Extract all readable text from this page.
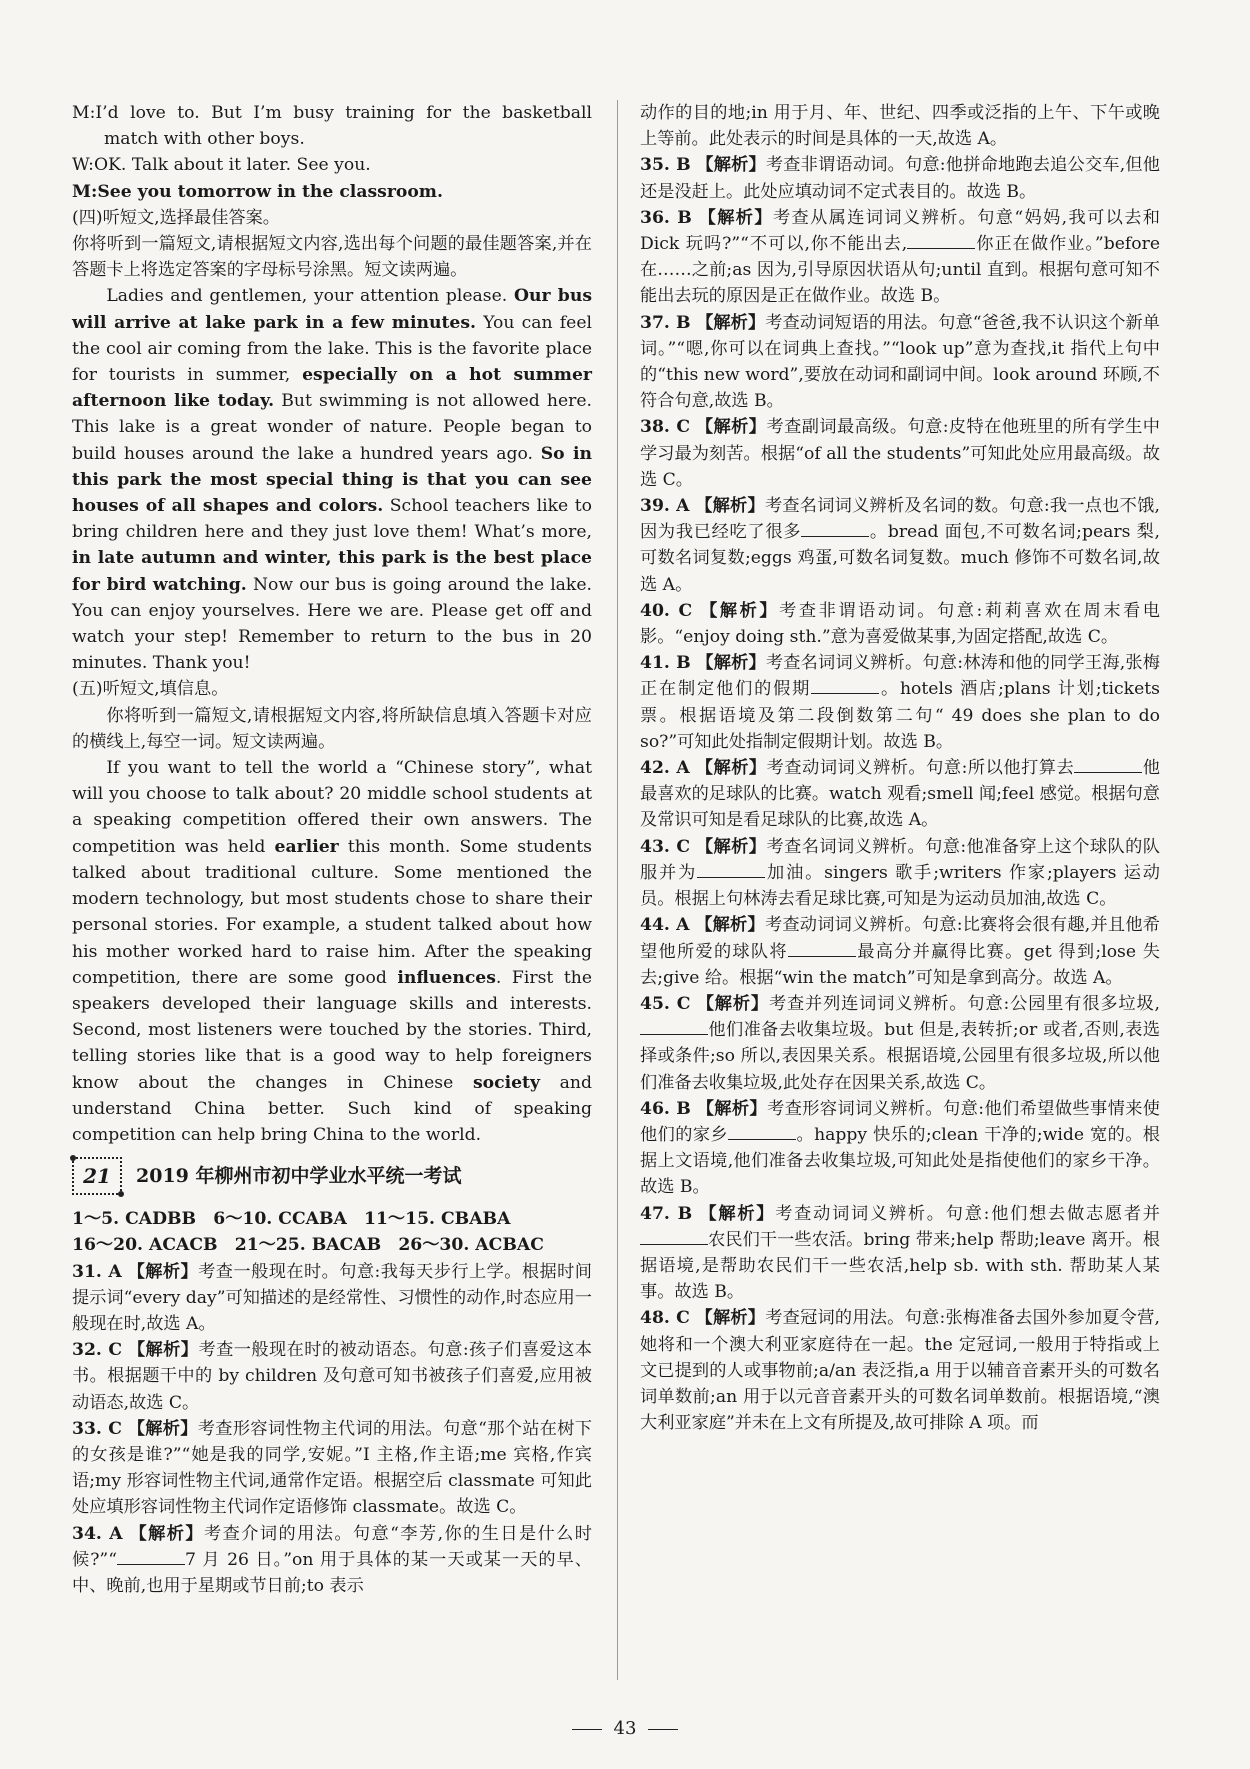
M:I’d love to. But I’m busy training for the basketball match with other boys.

W:OK. Talk about it later. See you.

M:See you tomorrow in the classroom.

(四)听短文,选择最佳答案。

你将听到一篇短文,请根据短文内容,选出每个问题的最佳题答案,并在答题卡上将选定答案的字母标号涂黑。短文读两遍。

Ladies and gentlemen, your attention please. Our bus will arrive at lake park in a few minutes. You can feel the cool air coming from the lake. This is the favorite place for tourists in summer, especially on a hot summer afternoon like today. But swimming is not allowed here. This lake is a great wonder of nature. People began to build houses around the lake a hundred years ago. So in this park the most special thing is that you can see houses of all shapes and colors. School teachers like to bring children here and they just love them! What’s more, in late autumn and winter, this park is the best place for bird watching. Now our bus is going around the lake. You can enjoy yourselves. Here we are. Please get off and watch your step! Remember to return to the bus in 20 minutes. Thank you!

(五)听短文,填信息。

你将听到一篇短文,请根据短文内容,将所缺信息填入答题卡对应的横线上,每空一词。短文读两遍。

If you want to tell the world a “Chinese story”, what will you choose to talk about? 20 middle school students at a speaking competition offered their own answers. The competition was held earlier this month. Some students talked about traditional culture. Some mentioned the modern technology, but most students chose to share their personal stories. For example, a student talked about how his mother worked hard to raise him. After the speaking competition, there are some good influences. First the speakers developed their language skills and interests. Second, most listeners were touched by the stories. Third, telling stories like that is a good way to help foreigners know about the changes in Chinese society and understand China better. Such kind of speaking competition can help bring China to the world.

21	2019 年柳州市初中学业水平统一考试

1～5. CADBB　6～10. CCABA　11～15. CBABA

16～20. ACACB　21～25. BACAB　26～30. ACBAC

31. A 【解析】考查一般现在时。句意:我每天步行上学。根据时间提示词“every day”可知描述的是经常性、习惯性的动作,时态应用一般现在时,故选 A。

32. C 【解析】考查一般现在时的被动语态。句意:孩子们喜爱这本书。根据题干中的 by children 及句意可知书被孩子们喜爱,应用被动语态,故选 C。

33. C 【解析】考查形容词性物主代词的用法。句意“那个站在树下的女孩是谁?”“她是我的同学,安妮。”I 主格,作主语;me 宾格,作宾语;my 形容词性物主代词,通常作定语。根据空后 classmate 可知此处应填形容词性物主代词作定语修饰 classmate。故选 C。

34. A 【解析】考查介词的用法。句意“李芳,你的生日是什么时候?”“	7 月 26 日。”on 用于具体的某一天或某一天的早、中、晚前,也用于星期或节日前;to 表示

动作的目的地;in 用于月、年、世纪、四季或泛指的上午、下午或晚上等前。此处表示的时间是具体的一天,故选 A。

35. B 【解析】考查非谓语动词。句意:他拼命地跑去追公交车,但他还是没赶上。此处应填动词不定式表目的。故选 B。

36. B 【解析】考查从属连词词义辨析。句意“妈妈,我可以去和 Dick 玩吗?”“不可以,你不能出去,	你正在做作业。”before 在……之前;as 因为,引导原因状语从句;until 直到。根据句意可知不能出去玩的原因是正在做作业。故选 B。

37. B 【解析】考查动词短语的用法。句意“爸爸,我不认识这个新单词。”“嗯,你可以在词典上查找。”“look up”意为查找,it 指代上句中的“this new word”,要放在动词和副词中间。look around 环顾,不符合句意,故选 B。

38. C 【解析】考查副词最高级。句意:皮特在他班里的所有学生中学习最为刻苦。根据“of all the students”可知此处应用最高级。故选 C。

39. A 【解析】考查名词词义辨析及名词的数。句意:我一点也不饿,因为我已经吃了很多	。bread 面包,不可数名词;pears 梨,可数名词复数;eggs 鸡蛋,可数名词复数。much 修饰不可数名词,故选 A。

40. C 【解析】考查非谓语动词。句意:莉莉喜欢在周末看电影。“enjoy doing sth.”意为喜爱做某事,为固定搭配,故选 C。

41. B 【解析】考查名词词义辨析。句意:林涛和他的同学王海,张梅正在制定他们的假期	。hotels 酒店;plans 计划;tickets 票。根据语境及第二段倒数第二句“ 49 does she plan to do so?”可知此处指制定假期计划。故选 B。

42. A 【解析】考查动词词义辨析。句意:所以他打算去	他最喜欢的足球队的比赛。watch 观看;smell 闻;feel 感觉。根据句意及常识可知是看足球队的比赛,故选 A。

43. C 【解析】考查名词词义辨析。句意:他准备穿上这个球队的队服并为	加油。singers 歌手;writers 作家;players 运动员。根据上句林涛去看足球比赛,可知是为运动员加油,故选 C。

44. A 【解析】考查动词词义辨析。句意:比赛将会很有趣,并且他希望他所爱的球队将	最高分并赢得比赛。get 得到;lose 失去;give 给。根据“win the match”可知是拿到高分。故选 A。

45. C 【解析】考查并列连词词义辨析。句意:公园里有很多垃圾,他们准备去收集垃圾。but 但是,表转折;or 或者,否则,表选择或条件;so 所以,表因果关系。根据语境,公园里有很多垃圾,所以他们准备去收集垃圾,此处存在因果关系,故选 C。

46. B 【解析】考查形容词词义辨析。句意:他们希望做些事情来使他们的家乡	。happy 快乐的;clean 干净的;wide 宽的。根据上文语境,他们准备去收集垃圾,可知此处是指使他们的家乡干净。故选 B。

47. B 【解析】考查动词词义辨析。句意:他们想去做志愿者并农民们干一些农活。bring 带来;help 帮助;leave 离开。根据语境,是帮助农民们干一些农活,help sb. with sth. 帮助某人某事。故选 B。

48. C 【解析】考查冠词的用法。句意:张梅准备去国外参加夏令营,她将和一个澳大利亚家庭待在一起。the 定冠词,一般用于特指或上文已提到的人或事物前;a/an 表泛指,a 用于以辅音音素开头的可数名词单数前;an 用于以元音音素开头的可数名词单数前。根据语境,“澳大利亚家庭”并未在上文有所提及,故可排除 A 项。而

43
